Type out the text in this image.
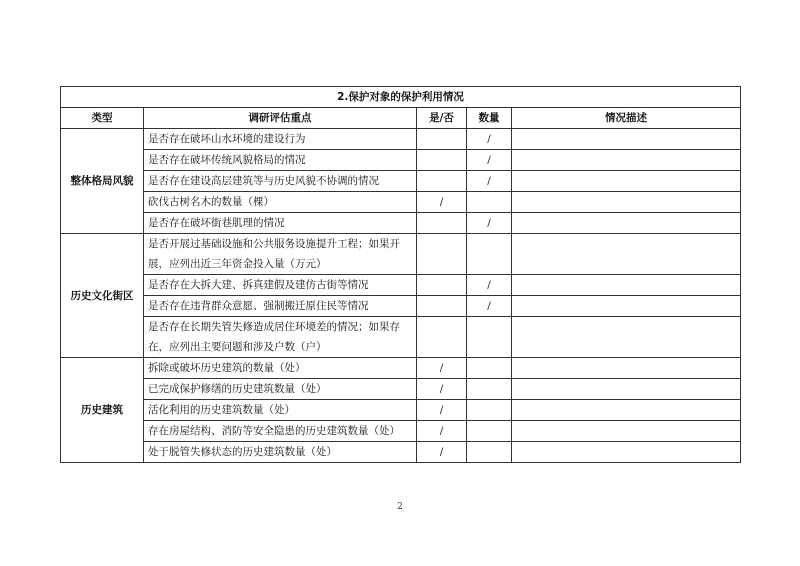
2.保护对象的保护利用情况				
类型	调研评估重点	是/否	数量	情况描述
整体格局风貌	是否存在破坏山水环境的建设行为		/	
	是否存在破坏传统风貌格局的情况		/	
	是否存在建设高层建筑等与历史风貌不协调的情况		/	
	砍伐古树名木的数量（棵）	/		
	是否存在破坏街巷肌理的情况		/	
历史文化街区	是否开展过基础设施和公共服务设施提升工程；如果开展，应列出近三年资金投入量（万元）			
	是否存在大拆大建、拆真建假及建仿古街等情况		/	
	是否存在违背群众意愿、强制搬迁原住民等情况		/	
	是否存在长期失管失修造成居住环境差的情况；如果存在，应列出主要问题和涉及户数（户）			
历史建筑	拆除或破坏历史建筑的数量（处）	/		
	已完成保护修缮的历史建筑数量（处）	/		
	活化利用的历史建筑数量（处）	/		
	存在房屋结构、消防等安全隐患的历史建筑数量（处）	/		
	处于脱管失修状态的历史建筑数量（处）	/		
2
